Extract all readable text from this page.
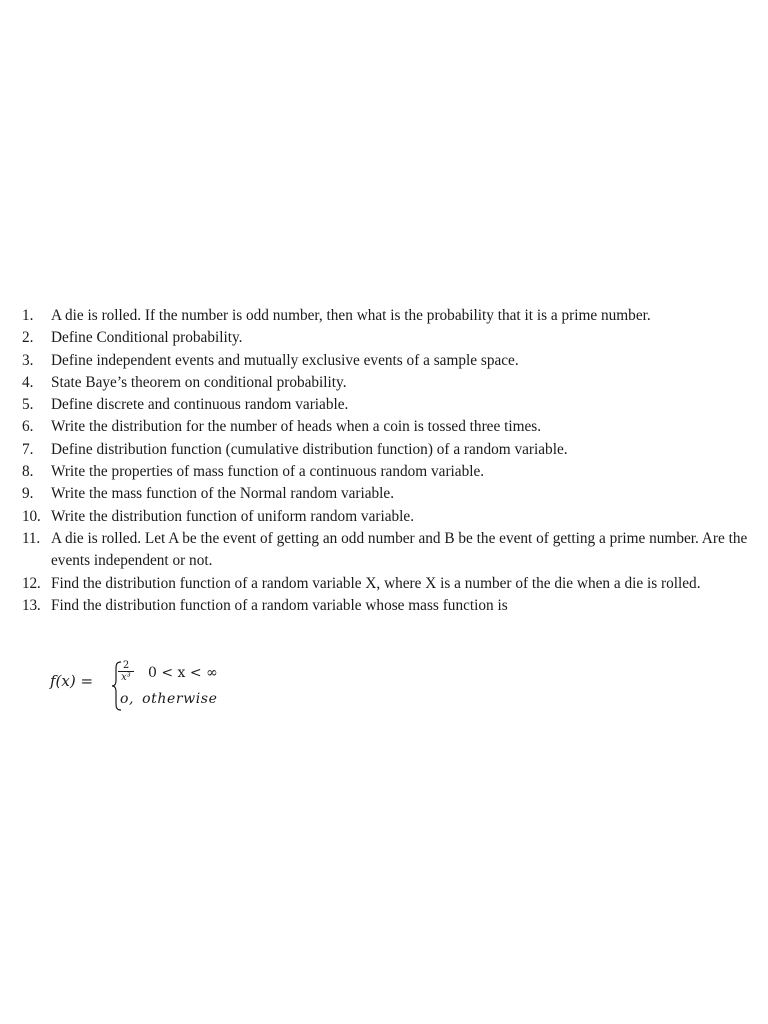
1.	A die is rolled. If the number is odd number, then what is the probability that it is a prime number.
2.	Define Conditional probability.
3.	Define independent events and mutually exclusive events of a sample space.
4.	State Baye’s theorem on conditional probability.
5.	Define discrete and continuous random variable.
6.	Write the distribution for the number of heads when a coin is tossed three times.
7.	Define distribution function (cumulative distribution function) of a random variable.
8.	Write the properties of mass function of a continuous random variable.
9.	Write the mass function of the Normal random variable.
10. Write the distribution function of uniform random variable.
11. A die is rolled. Let A be the event of getting an odd number and B be the event of getting a prime number. Are the events independent or not.
12. Find the distribution function of a random variable X, where X is a number of the die when a die is rolled.
13. Find the distribution function of a random variable whose mass function is
$f(x) = \frac{2}{\text{x³}} 0 < x$ < ∞
o, otherwise
